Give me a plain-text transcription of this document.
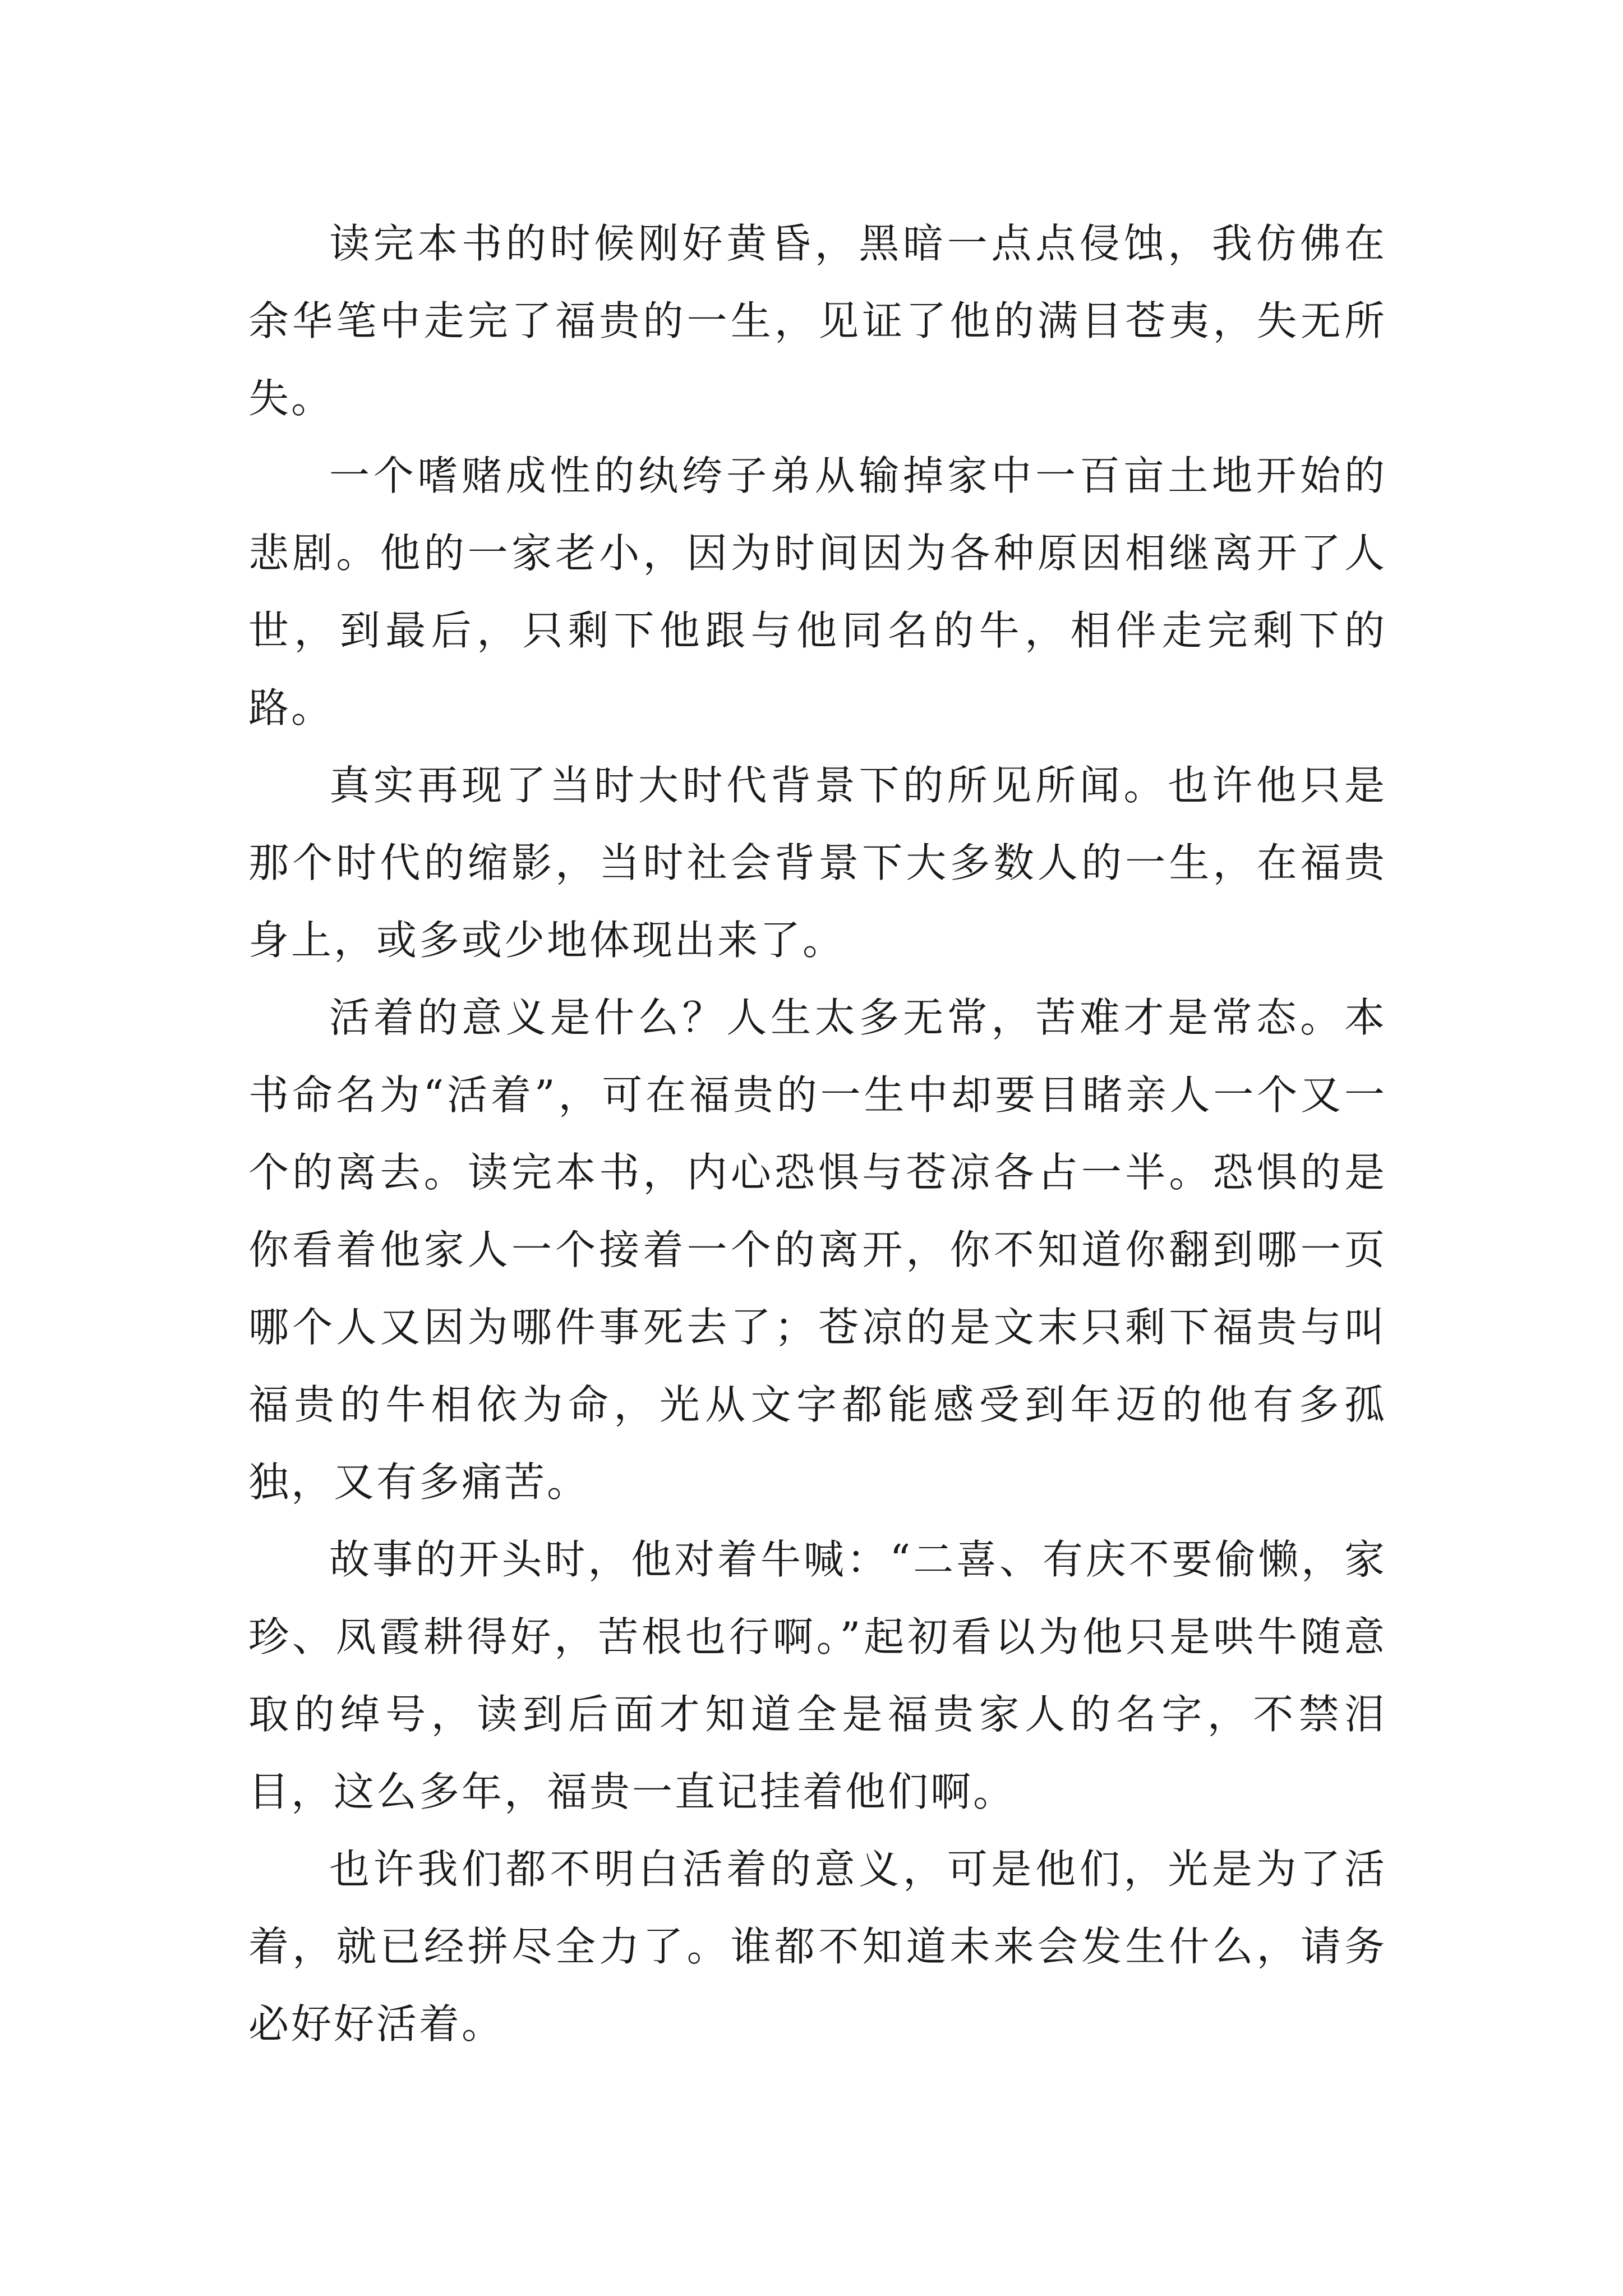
读完本书的时候刚好黄昏，黑暗一点点侵蚀，我仿佛在余华笔中走完了福贵的一生，见证了他的满目苍夷，失无所失。

一个嗜赌成性的纨绔子弟从输掉家中一百亩土地开始的悲剧。他的一家老小，因为时间因为各种原因相继离开了人世，到最后，只剩下他跟与他同名的牛，相伴走完剩下的路。

真实再现了当时大时代背景下的所见所闻。也许他只是那个时代的缩影，当时社会背景下大多数人的一生，在福贵身上，或多或少地体现出来了。

活着的意义是什么？人生太多无常，苦难才是常态。本书命名为“活着”，可在福贵的一生中却要目睹亲人一个又一个的离去。读完本书，内心恐惧与苍凉各占一半。恐惧的是你看着他家人一个接着一个的离开，你不知道你翻到哪一页哪个人又因为哪件事死去了；苍凉的是文末只剩下福贵与叫福贵的牛相依为命，光从文字都能感受到年迈的他有多孤独，又有多痛苦。

故事的开头时，他对着牛喊：“二喜、有庆不要偷懒，家珍、凤霞耕得好，苦根也行啊。”起初看以为他只是哄牛随意取的绰号，读到后面才知道全是福贵家人的名字，不禁泪目，这么多年，福贵一直记挂着他们啊。

也许我们都不明白活着的意义，可是他们，光是为了活着，就已经拼尽全力了。谁都不知道未来会发生什么，请务必好好活着。
